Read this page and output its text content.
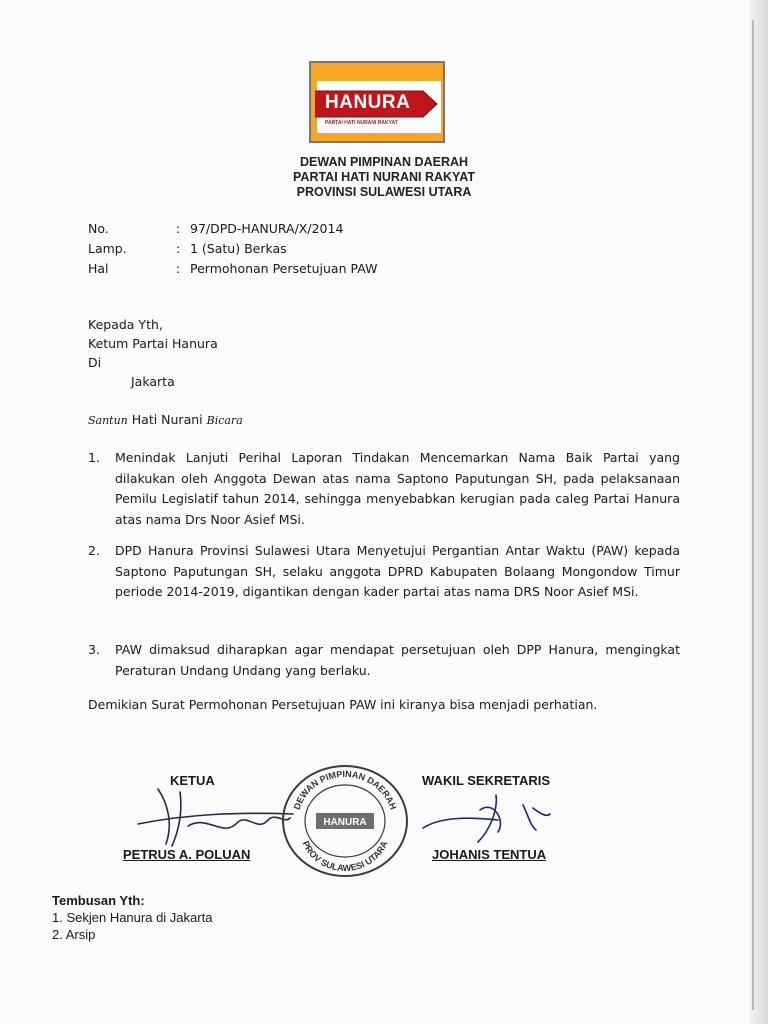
HANURA
PARTAI HATI NURANI RAKYAT
DEWAN PIMPINAN DAERAH
PARTAI HATI NURANI RAKYAT
PROVINSI SULAWESI UTARA
No.	: 97/DPD-HANURA/X/2014
Lamp.	: 1 (Satu) Berkas
Hal	: Permohonan Persetujuan PAW
Kepada Yth,
Ketum Partai Hanura
Di
Jakarta
Santun Hati Nurani Bicara
1. Menindak Lanjuti Perihal Laporan Tindakan Mencemarkan Nama Baik Partai yang dilakukan oleh Anggota Dewan atas nama Saptono Paputungan SH, pada pelaksanaan Pemilu Legislatif tahun 2014, sehingga menyebabkan kerugian pada caleg Partai Hanura atas nama Drs Noor Asief MSi.
2. DPD Hanura Provinsi Sulawesi Utara Menyetujui Pergantian Antar Waktu (PAW) kepada Saptono Paputungan SH, selaku anggota DPRD Kabupaten Bolaang Mongondow Timur periode 2014-2019, digantikan dengan kader partai atas nama DRS Noor Asief MSi.
3. PAW dimaksud diharapkan agar mendapat persetujuan oleh DPP Hanura, mengingkat Peraturan Undang Undang yang berlaku.
Demikian Surat Permohonan Persetujuan PAW ini kiranya bisa menjadi perhatian.
KETUA	WAKIL SEKRETARIS
DEWAN PIMPINAN DAERAH
PROV SULAWESI UTARA
HANURA
PETRUS A. POLUAN	JOHANIS TENTUA
Tembusan Yth:
1. Sekjen Hanura di Jakarta
2. Arsip
